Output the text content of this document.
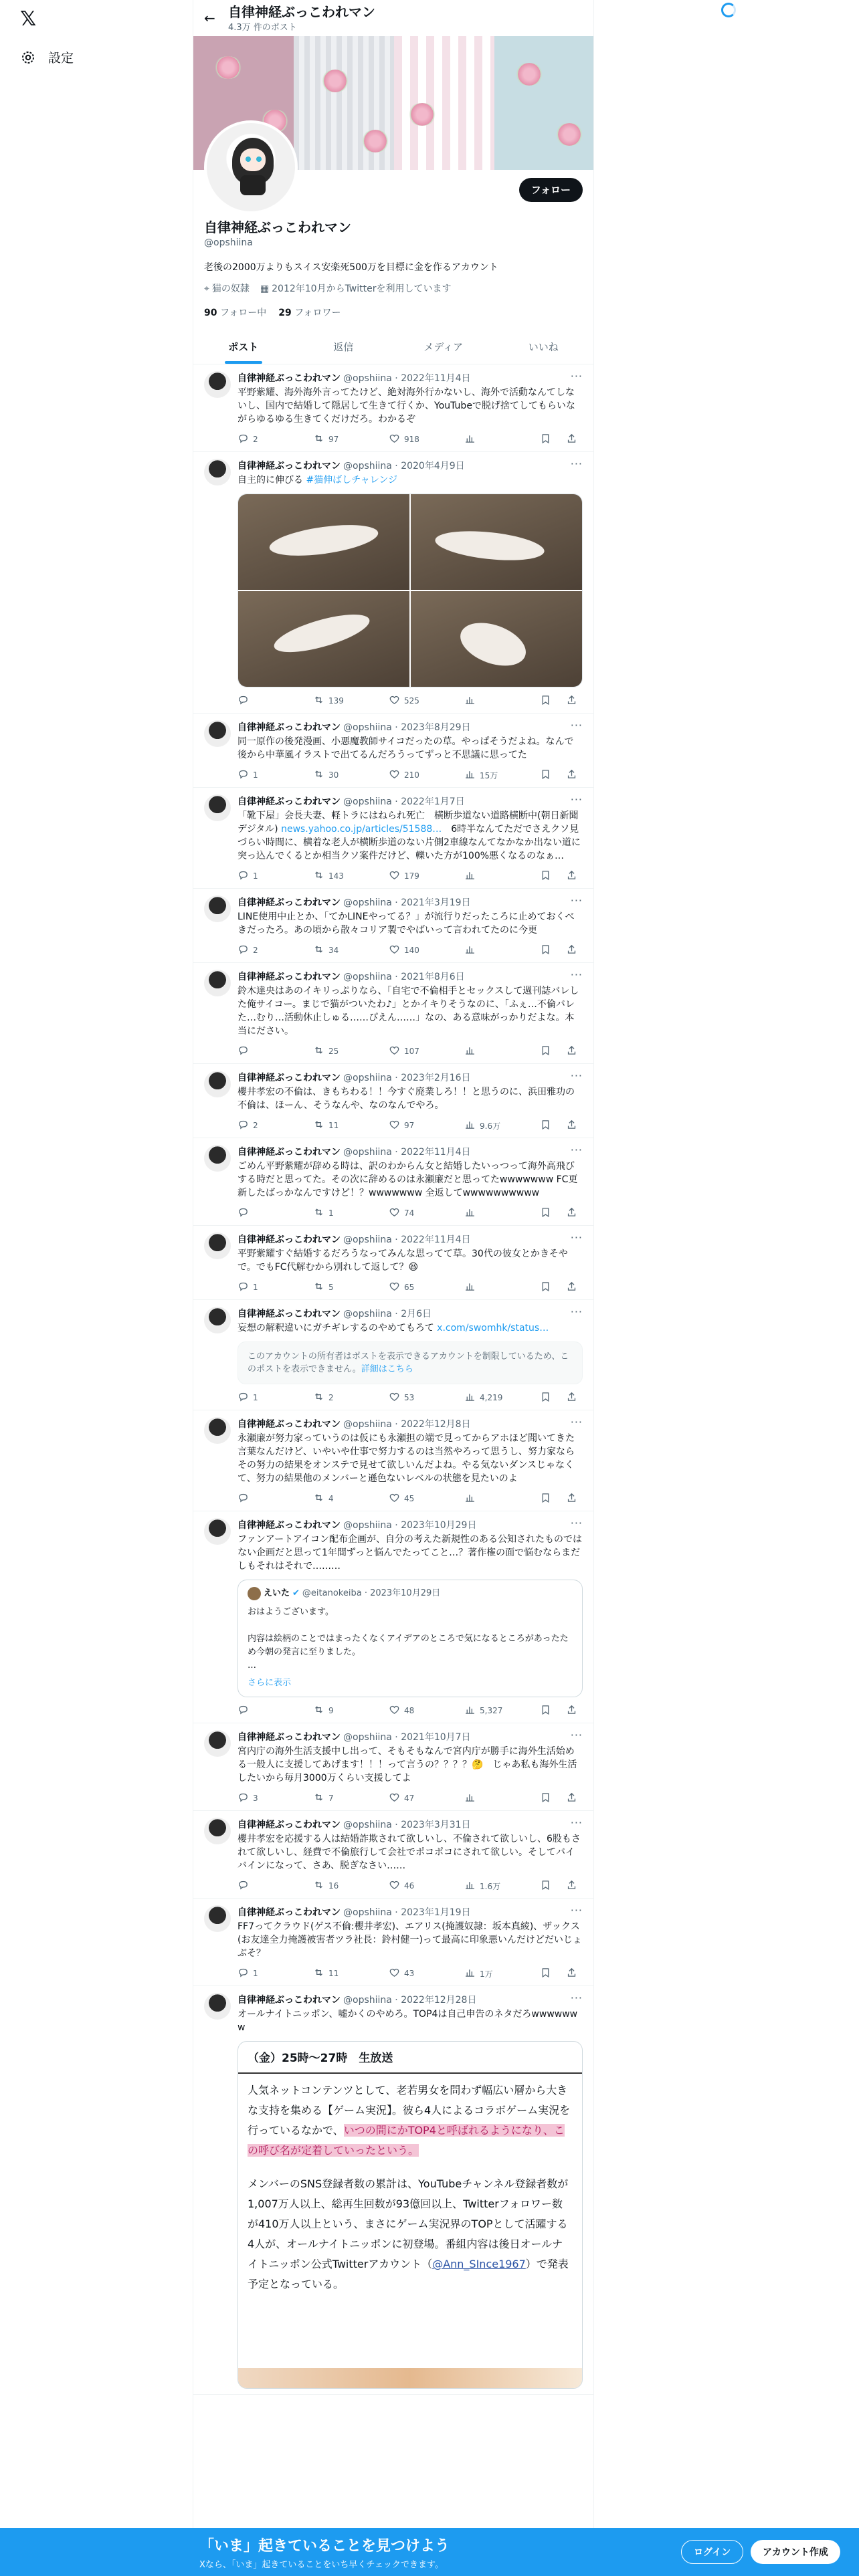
𝕏
設定
← 自律神経ぶっこわれマン
4.3万 件のポスト
フォロー
自律神経ぶっこわれマン
@opshiina
老後の2000万よりもスイス安楽死500万を目標に金を作るアカウント
⌖ 猫の奴隷 ▦ 2012年10月からTwitterを利用しています
90 フォロー中 29 フォロワー
ポスト	返信	メディア	いいね
自律神経ぶっこわれマン @opshiina · 2022年11月4日
平野紫耀、海外海外言ってたけど、絶対海外行かないし、海外で活動なんてしないし、国内で結婚して隠居して生きて行くか、YouTubeで脱げ捨てしてもらいながらゆるゆる生きてくだけだろ。わかるぞ
2	97	918
···
自律神経ぶっこわれマン @opshiina · 2020年4月9日
自主的に伸びる #猫伸ばしチャレンジ
139	525
···
自律神経ぶっこわれマン @opshiina · 2023年8月29日
同一原作の後発漫画、小悪魔教師サイコだったの草。やっぱそうだよね。なんで後から中華風イラストで出てるんだろうってずっと不思議に思ってた
1	30	210	15万
···
自律神経ぶっこわれマン @opshiina · 2022年1月7日
「靴下屋」会長夫妻、軽トラにはねられ死亡　横断歩道ない道路横断中(朝日新聞デジタル) news.yahoo.co.jp/articles/51588…　6時半なんてただでさえクソ見づらい時間に、横着な老人が横断歩道のない片側2車線なんてなかなか出ない道に突っ込んでくるとか相当クソ案件だけど、轢いた方が100%悪くなるのなぁ…
1	143	179
···
自律神経ぶっこわれマン @opshiina · 2021年3月19日
LINE使用中止とか、「てかLINEやってる？」が流行りだったころに止めておくべきだったろ。あの頃から散々コリア製でやばいって言われてたのに今更
2	34	140
···
自律神経ぶっこわれマン @opshiina · 2021年8月6日
鈴木達央はあのイキリっぷりなら、「自宅で不倫相手とセックスして週刊誌バレした俺サイコー。まじで猫がついたわ♪」とかイキりそうなのに、「ふぇ…不倫バレた…むり…活動休止しゅる……ぴえん……」なの、ある意味がっかりだよな。本当にださい。
25	107
···
自律神経ぶっこわれマン @opshiina · 2023年2月16日
櫻井孝宏の不倫は、きもちわる！！今すぐ廃業しろ！！と思うのに、浜田雅功の不倫は、ほーん、そうなんや、なのなんでやろ。
2	11	97	9.6万
···
自律神経ぶっこわれマン @opshiina · 2022年11月4日
ごめん平野紫耀が辞める時は、訳のわからん女と結婚したいっつって海外高飛びする時だと思ってた。その次に辞めるのは永瀬廉だと思ってたwwwwwww FC更新したばっかなんですけど！？wwwwwww 全返してwwwwwwwwww
1	74
···
自律神経ぶっこわれマン @opshiina · 2022年11月4日
平野紫耀すぐ結婚するだろうなってみんな思ってて草。30代の彼女とかきそやで。でもFC代解むから別れして返して？😆
1	5	65
···
自律神経ぶっこわれマン @opshiina · 2月6日
妄想の解釈違いにガチギレするのやめてもろて x.com/swomhk/status…
このアカウントの所有者はポストを表示できるアカウントを制限しているため、このポストを表示できません。詳細はこちら
1	2	53	4,219
···
自律神経ぶっこわれマン @opshiina · 2022年12月8日
永瀬廉が努力家っていうのは仮にも永瀬担の端で見ってからアホほど聞いてきた言葉なんだけど、いやいや仕事で努力するのは当然やろって思うし、努力家ならその努力の結果をオンステで見せて欲しいんだよね。やる気ないダンスじゃなくて、努力の結果他のメンバーと遜色ないレベルの状態を見たいのよ
4	45
···
自律神経ぶっこわれマン @opshiina · 2023年10月29日
ファンアートアイコン配布企画が、自分の考えた新規性のある公知されたものではない企画だと思って1年間ずっと悩んでたってこと…？著作権の面で悩むならまだしもそれはそれで………
えいた ✔ @eitanokeiba · 2023年10月29日
おはようございます。

内容は絵柄のことではまったくなくアイデアのところで気になるところがあったため今朝の発言に至りました。
…
さらに表示
9	48	5,327
···
自律神経ぶっこわれマン @opshiina · 2021年10月7日
宮内庁の海外生活支援中し出って、そもそもなんで宮内庁が勝手に海外生活始める一般人に支援してあげます！！！って言うの？？？？🤔　じゃあ私も海外生活したいから毎月3000万くらい支援してよ
3	7	47
···
自律神経ぶっこわれマン @opshiina · 2023年3月31日
櫻井孝宏を応援する人は結婚詐欺されて欲しいし、不倫されて欲しいし、6股もされて欲しいし、経費で不倫旅行して会社でポコポコにされて欲しい。そしてバイバインになって、さあ、脱ぎなさい……
16	46	1.6万
···
自律神経ぶっこわれマン @opshiina · 2023年1月19日
FF7ってクラウド(ゲス不倫:櫻井孝宏)、エアリス(掩護奴隷：坂本真綾)、ザックス(お友達全力掩護被害者ツラ社長：鈴村健一)って最高に印象悪いんだけどだいじょぶそ？
1	11	43	1万
···
自律神経ぶっこわれマン @opshiina · 2022年12月28日
オールナイトニッポン、嘘かくのやめろ。TOP4は自己申告のネタだろwwwwwww
（金）25時〜27時　生放送
人気ネットコンテンツとして、老若男女を問わず幅広い層から大きな支持を集める【ゲーム実況】。彼ら4人によるコラボゲーム実況を行っているなかで、いつの間にかTOP4と呼ばれるようになり、この呼び名が定着していったという。
メンバーのSNS登録者数の累計は、YouTubeチャンネル登録者数が1,007万人以上、総再生回数が93億回以上、Twitterフォロワー数が410万人以上という、まさにゲーム実況界のTOPとして活躍する4人が、オールナイトニッポンに初登場。番組内容は後日オールナイトニッポン公式Twitterアカウント（@Ann_SInce1967）で発表予定となっている。
···
「いま」起きていることを見つけよう
Xなら、「いま」起きていることをいち早くチェックできます。
ログイン	アカウント作成
